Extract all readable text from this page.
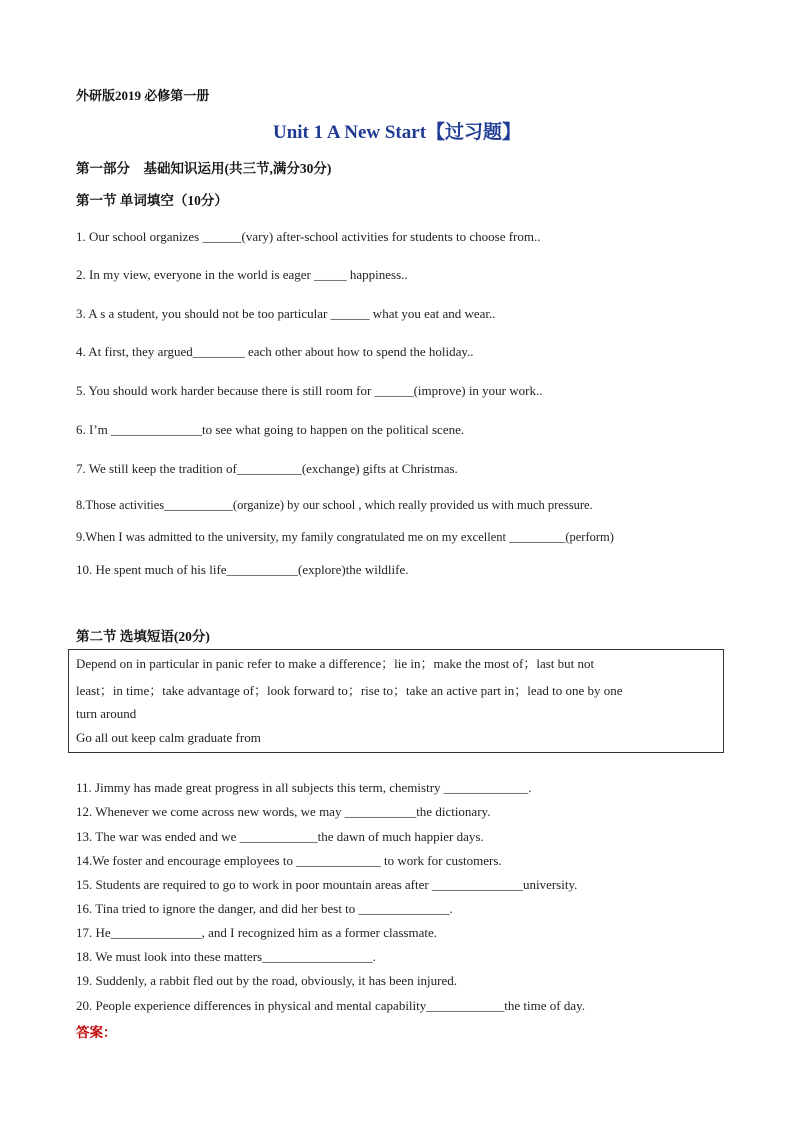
外研版2019 必修第一册
Unit 1 A New Start【过习题】
第一部分　基础知识运用(共三节,满分30分)
第一节 单词填空（10分）
1. Our school organizes ______(vary) after-school activities for students to choose from..
2. In my view, everyone in the world is eager _____ happiness..
3. A s a student, you should not be too particular ______ what you eat and wear..
4. At first, they argued________ each other about how to spend the holiday..
5. You should work harder because there is still room for ______(improve) in your work..
6. I’m ______________to see what going to happen on the political scene.
7. We still keep the tradition of__________(exchange) gifts at Christmas.
8.Those activities___________(organize) by our school , which really provided us with much pressure.
9.When I was admitted to the university, my family congratulated me on my excellent _________(perform)
10. He spent much of his life___________(explore)the wildlife.
第二节 选填短语(20分)
Depend on in particular in panic refer to make a difference；lie in；make the most of；last but not
least；in time；take advantage of；look forward to；rise to；take an active part in；lead to one by one
turn around
Go all out keep calm graduate from
11. Jimmy has made great progress in all subjects this term, chemistry _____________.
12. Whenever we come across new words, we may ___________the dictionary.
13. The war was ended and we ____________the dawn of much happier days.
14.We foster and encourage employees to _____________ to work for customers.
15. Students are required to go to work in poor mountain areas after ______________university.
16. Tina tried to ignore the danger, and did her best to ______________.
17. He______________, and I recognized him as a former classmate.
18. We must look into these matters_________________.
19. Suddenly, a rabbit fled out by the road, obviously, it has been injured.
20. People experience differences in physical and mental capability____________the time of day.
答案：
